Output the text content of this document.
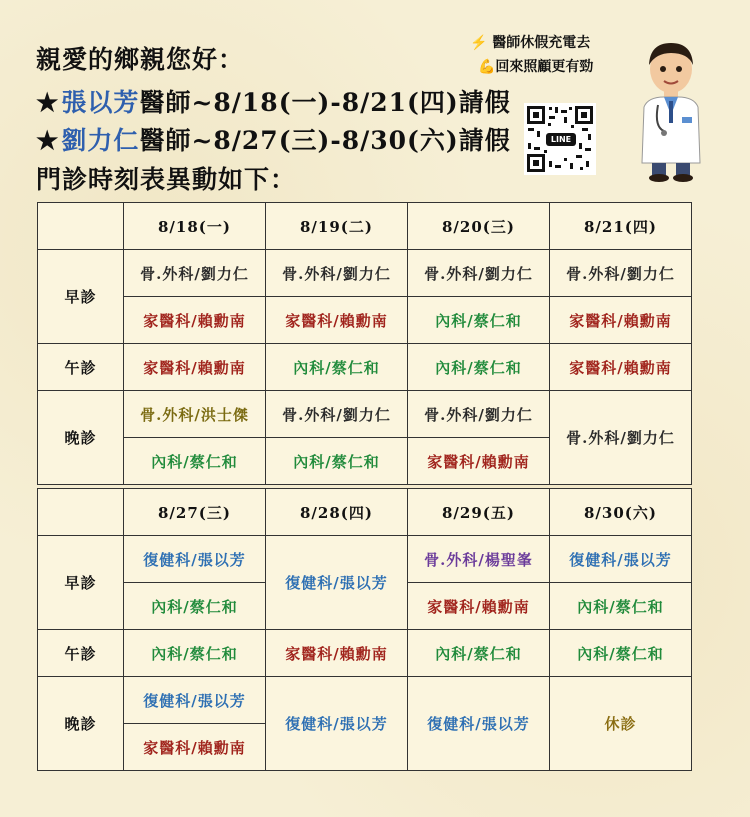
親愛的鄉親您好：
★張以芳醫師~8/18(一)-8/21(四)請假
★劉力仁醫師~8/27(三)-8/30(六)請假
門診時刻表異動如下：
⚡ 醫師休假充電去
💪回來照顧更有勁
LINE
	8/18(一)	8/19(二)	8/20(三)	8/21(四)
早診	骨.外科/劉力仁	骨.外科/劉力仁	骨.外科/劉力仁	骨.外科/劉力仁
	家醫科/賴勳南	家醫科/賴勳南	內科/蔡仁和	家醫科/賴勳南
午診	家醫科/賴勳南	內科/蔡仁和	內科/蔡仁和	家醫科/賴勳南
晚診	骨.外科/洪士傑	骨.外科/劉力仁	骨.外科/劉力仁	骨.外科/劉力仁
	內科/蔡仁和	內科/蔡仁和	家醫科/賴勳南	
	8/27(三)	8/28(四)	8/29(五)	8/30(六)
早診	復健科/張以芳	復健科/張以芳	骨.外科/楊聖峯	復健科/張以芳
	內科/蔡仁和		家醫科/賴勳南	內科/蔡仁和
午診	內科/蔡仁和	家醫科/賴勳南	內科/蔡仁和	內科/蔡仁和
晚診	復健科/張以芳	復健科/張以芳	復健科/張以芳	休診
	家醫科/賴勳南			
